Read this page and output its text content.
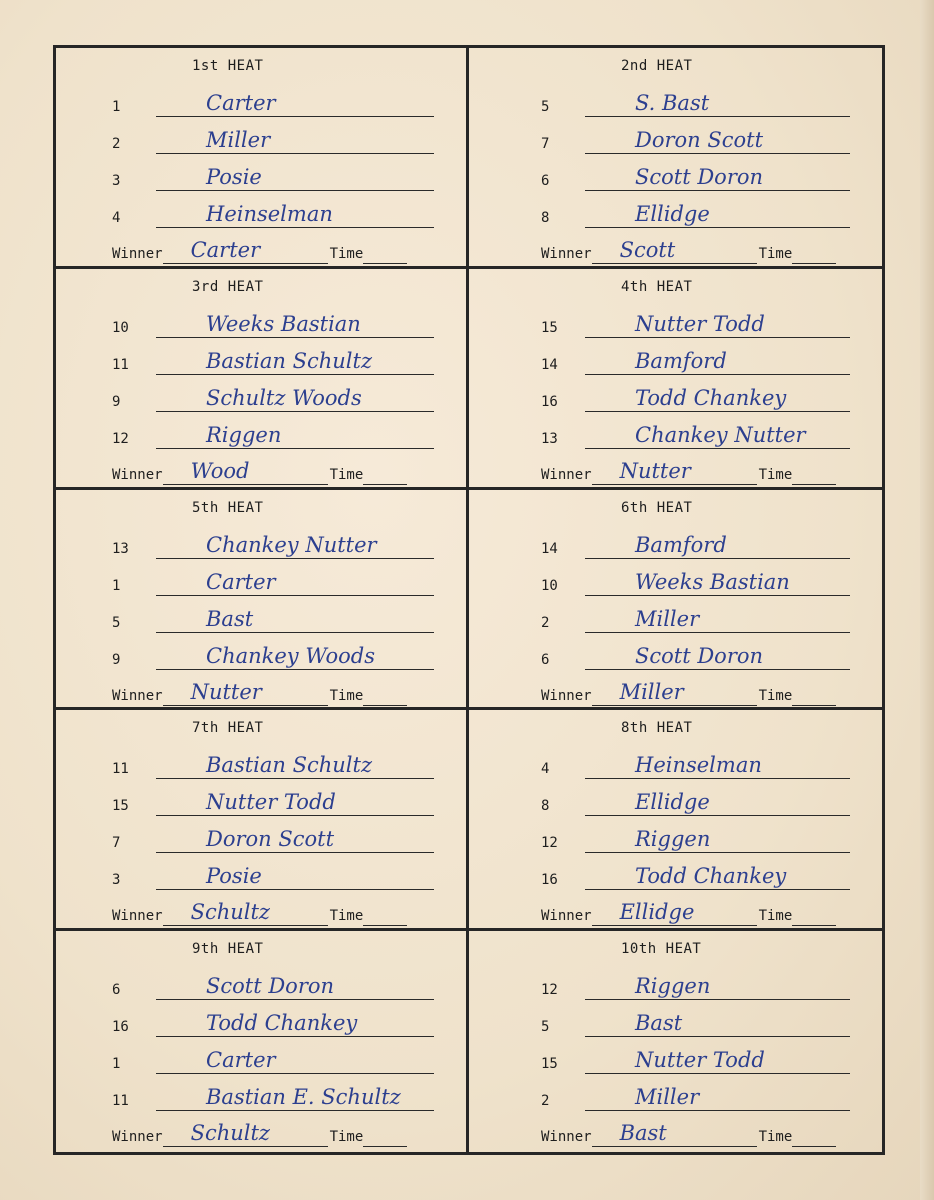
1st HEAT
1	Carter
2	Miller
3	Posie
4	Heinselman
Winner Carter	Time
2nd HEAT
5	S. Bast
7	Doron Scott
6	Scott Doron
8	Ellidge
Winner Scott	Time
3rd HEAT
10	Weeks Bastian
11	Bastian Schultz
9	Schultz Woods
12	Riggen
Winner Wood	Time
4th HEAT
15	Nutter Todd
14	Bamford
16	Todd Chankey
13	Chankey Nutter
Winner Nutter	Time
5th HEAT
13	Chankey Nutter
1	Carter
5	Bast
9	Chankey Woods
Winner Nutter	Time
6th HEAT
14	Bamford
10	Weeks Bastian
2	Miller
6	Scott Doron
Winner Miller	Time
7th HEAT
11	Bastian Schultz
15	Nutter Todd
7	Doron Scott
3	Posie
Winner Schultz	Time
8th HEAT
4	Heinselman
8	Ellidge
12	Riggen
16	Todd Chankey
Winner Ellidge	Time
9th HEAT
6	Scott Doron
16	Todd Chankey
1	Carter
11	Bastian E. Schultz
Winner Schultz	Time
10th HEAT
12	Riggen
5	Bast
15	Nutter Todd
2	Miller
Winner Bast	Time
